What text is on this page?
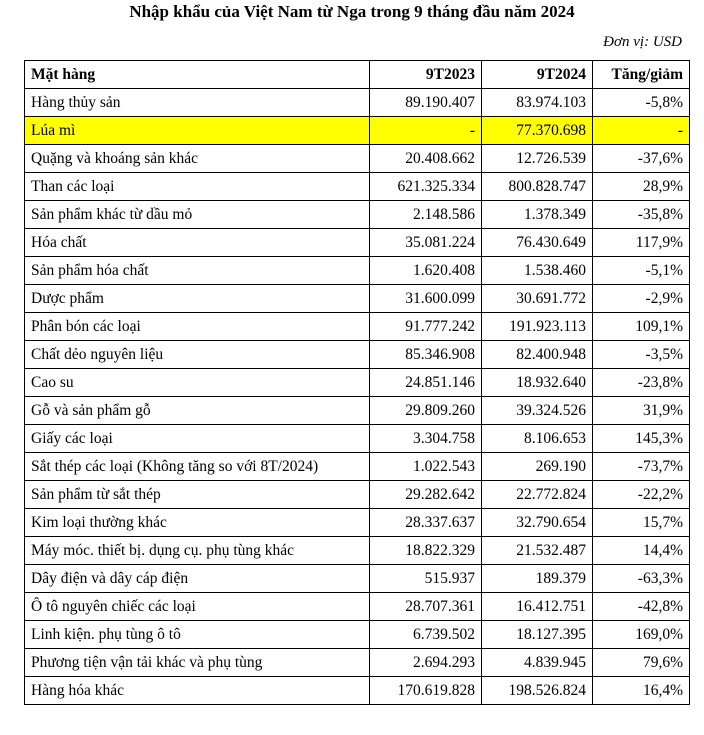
Nhập khẩu của Việt Nam từ Nga trong 9 tháng đầu năm 2024
Đơn vị: USD
Mặt hàng	9T2023	9T2024	Tăng/giảm
Hàng thủy sản	89.190.407	83.974.103	-5,8%
Lúa mì	-	77.370.698	-
Quặng và khoáng sản khác	20.408.662	12.726.539	-37,6%
Than các loại	621.325.334	800.828.747	28,9%
Sản phẩm khác từ dầu mỏ	2.148.586	1.378.349	-35,8%
Hóa chất	35.081.224	76.430.649	117,9%
Sản phẩm hóa chất	1.620.408	1.538.460	-5,1%
Dược phẩm	31.600.099	30.691.772	-2,9%
Phân bón các loại	91.777.242	191.923.113	109,1%
Chất dẻo nguyên liệu	85.346.908	82.400.948	-3,5%
Cao su	24.851.146	18.932.640	-23,8%
Gỗ và sản phẩm gỗ	29.809.260	39.324.526	31,9%
Giấy các loại	3.304.758	8.106.653	145,3%
Sắt thép các loại (Không tăng so với 8T/2024)	1.022.543	269.190	-73,7%
Sản phẩm từ sắt thép	29.282.642	22.772.824	-22,2%
Kim loại thường khác	28.337.637	32.790.654	15,7%
Máy móc. thiết bị. dụng cụ. phụ tùng khác	18.822.329	21.532.487	14,4%
Dây điện và dây cáp điện	515.937	189.379	-63,3%
Ô tô nguyên chiếc các loại	28.707.361	16.412.751	-42,8%
Linh kiện. phụ tùng ô tô	6.739.502	18.127.395	169,0%
Phương tiện vận tải khác và phụ tùng	2.694.293	4.839.945	79,6%
Hàng hóa khác	170.619.828	198.526.824	16,4%
